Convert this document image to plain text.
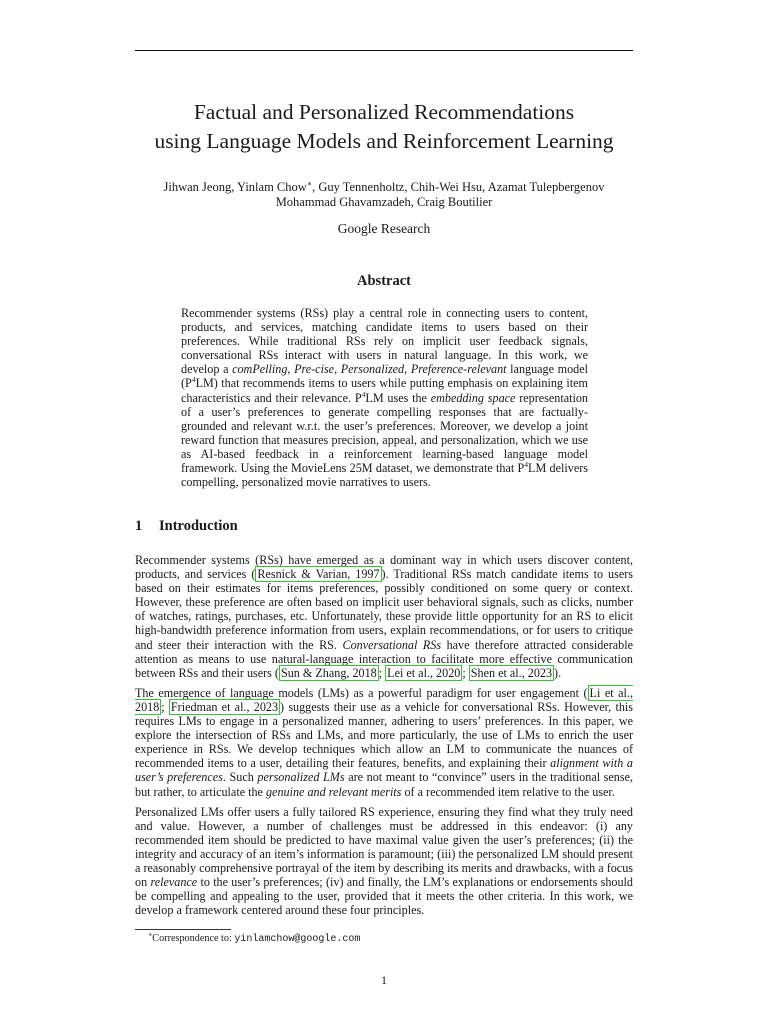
Factual and Personalized Recommendations
using Language Models and Reinforcement Learning
Jihwan Jeong, Yinlam Chow∗, Guy Tennenholtz, Chih-Wei Hsu, Azamat Tulepbergenov
Mohammad Ghavamzadeh, Craig Boutilier
Google Research
Abstract

Recommender systems (RSs) play a central role in connecting users to content, products, and services, matching candidate items to users based on their preferences. While traditional RSs rely on implicit user feedback signals, conversational RSs interact with users in natural language. In this work, we develop a comPelling, Pre-cise, Personalized, Preference-relevant language model $(P^4LM)$ that recommends items to users while putting emphasis on explaining item characteristics and their relevance. $P^4LM$ uses the embedding space representation of a user’s preferences to generate compelling responses that are factually-grounded and relevant w.r.t. the user’s preferences. Moreover, we develop a joint reward function that measures precision, appeal, and personalization, which we use as AI-based feedback in a reinforcement learning-based language model framework. Using the MovieLens 25M dataset, we demonstrate that $P^4LM$ delivers compelling, personalized movie narratives to users.

1 Introduction

Recommender systems (RSs) have emerged as a dominant way in which users discover content, products, and services ( Resnick & Varian, 1997 ). Traditional RSs match candidate items to users based on their estimates for items preferences, possibly conditioned on some query or context. However, these preference are often based on implicit user behavioral signals, such as clicks, number of watches, ratings, purchases, etc. Unfortunately, these provide little opportunity for an RS to elicit high-bandwidth preference information from users, explain recommendations, or for users to critique and steer their interaction with the RS. Conversational RSs have therefore attracted considerable attention as means to use natural-language interaction to facilitate more effective communication between RSs and their users ( Sun & Zhang, 2018 ; Lei et al., 2020 ; Shen et al., 2023 ).

The emergence of language models (LMs) as a powerful paradigm for user engagement ( Li et al., 2018 ; Friedman et al., 2023 ) suggests their use as a vehicle for conversational RSs. However, this requires LMs to engage in a personalized manner, adhering to users’ preferences. In this paper, we explore the intersection of RSs and LMs, and more particularly, the use of LMs to enrich the user experience in RSs. We develop techniques which allow an LM to communicate the nuances of recommended items to a user, detailing their features, benefits, and explaining their alignment with a user’s preferences. Such personalized LMs are not meant to “convince” users in the traditional sense, but rather, to articulate the genuine and relevant merits of a recommended item relative to the user.

Personalized LMs offer users a fully tailored RS experience, ensuring they find what they truly need and value. However, a number of challenges must be addressed in this endeavor: (i) any recommended item should be predicted to have maximal value given the user’s preferences; (ii) the integrity and accuracy of an item’s information is paramount; (iii) the personalized LM should present a reasonably comprehensive portrayal of the item by describing its merits and drawbacks, with a focus on relevance to the user’s preferences; (iv) and finally, the LM’s explanations or endorsements should be compelling and appealing to the user, provided that it meets the other criteria. In this work, we develop a framework centered around these four principles.

∗Correspondence to: yinlamchow@google.com
1
